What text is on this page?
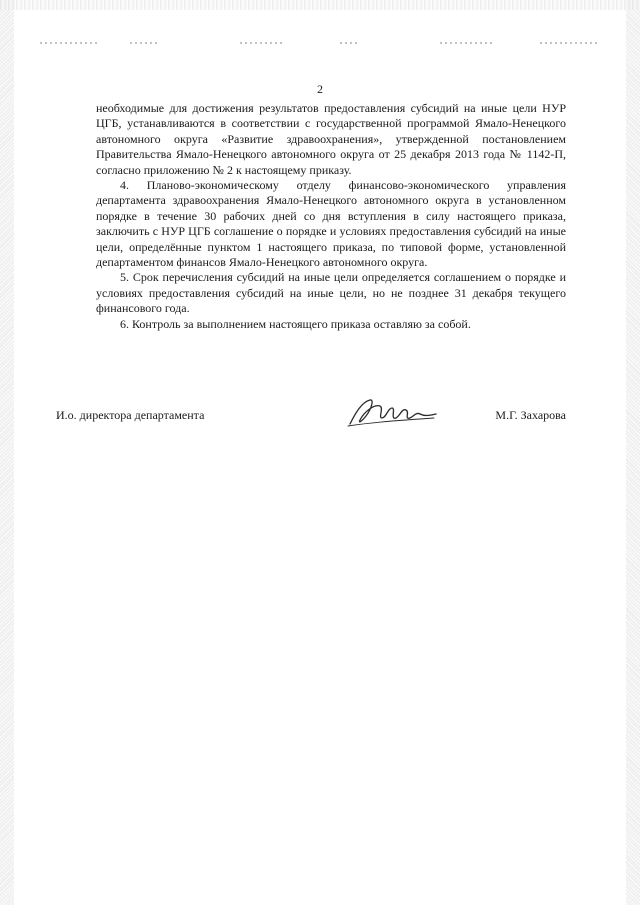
2

необходимые для достижения результатов предоставления субсидий на иные цели НУР ЦГБ, устанавливаются в соответствии с государственной программой Ямало-Ненецкого автономного округа «Развитие здравоохранения», утвержденной постановлением Правительства Ямало-Ненецкого автономного округа от 25 декабря 2013 года № 1142-П, согласно приложению № 2 к настоящему приказу.

4. Планово-экономическому отделу финансово-экономического управления департамента здравоохранения Ямало-Ненецкого автономного округа в установленном порядке в течение 30 рабочих дней со дня вступления в силу настоящего приказа, заключить с НУР ЦГБ соглашение о порядке и условиях предоставления субсидий на иные цели, определённые пунктом 1 настоящего приказа, по типовой форме, установленной департаментом финансов Ямало-Ненецкого автономного округа.

5. Срок перечисления субсидий на иные цели определяется соглашением о порядке и условиях предоставления субсидий на иные цели, но не позднее 31 декабря текущего финансового года.

6. Контроль за выполнением настоящего приказа оставляю за собой.

И.о. директора департамента	М.Г. Захарова
